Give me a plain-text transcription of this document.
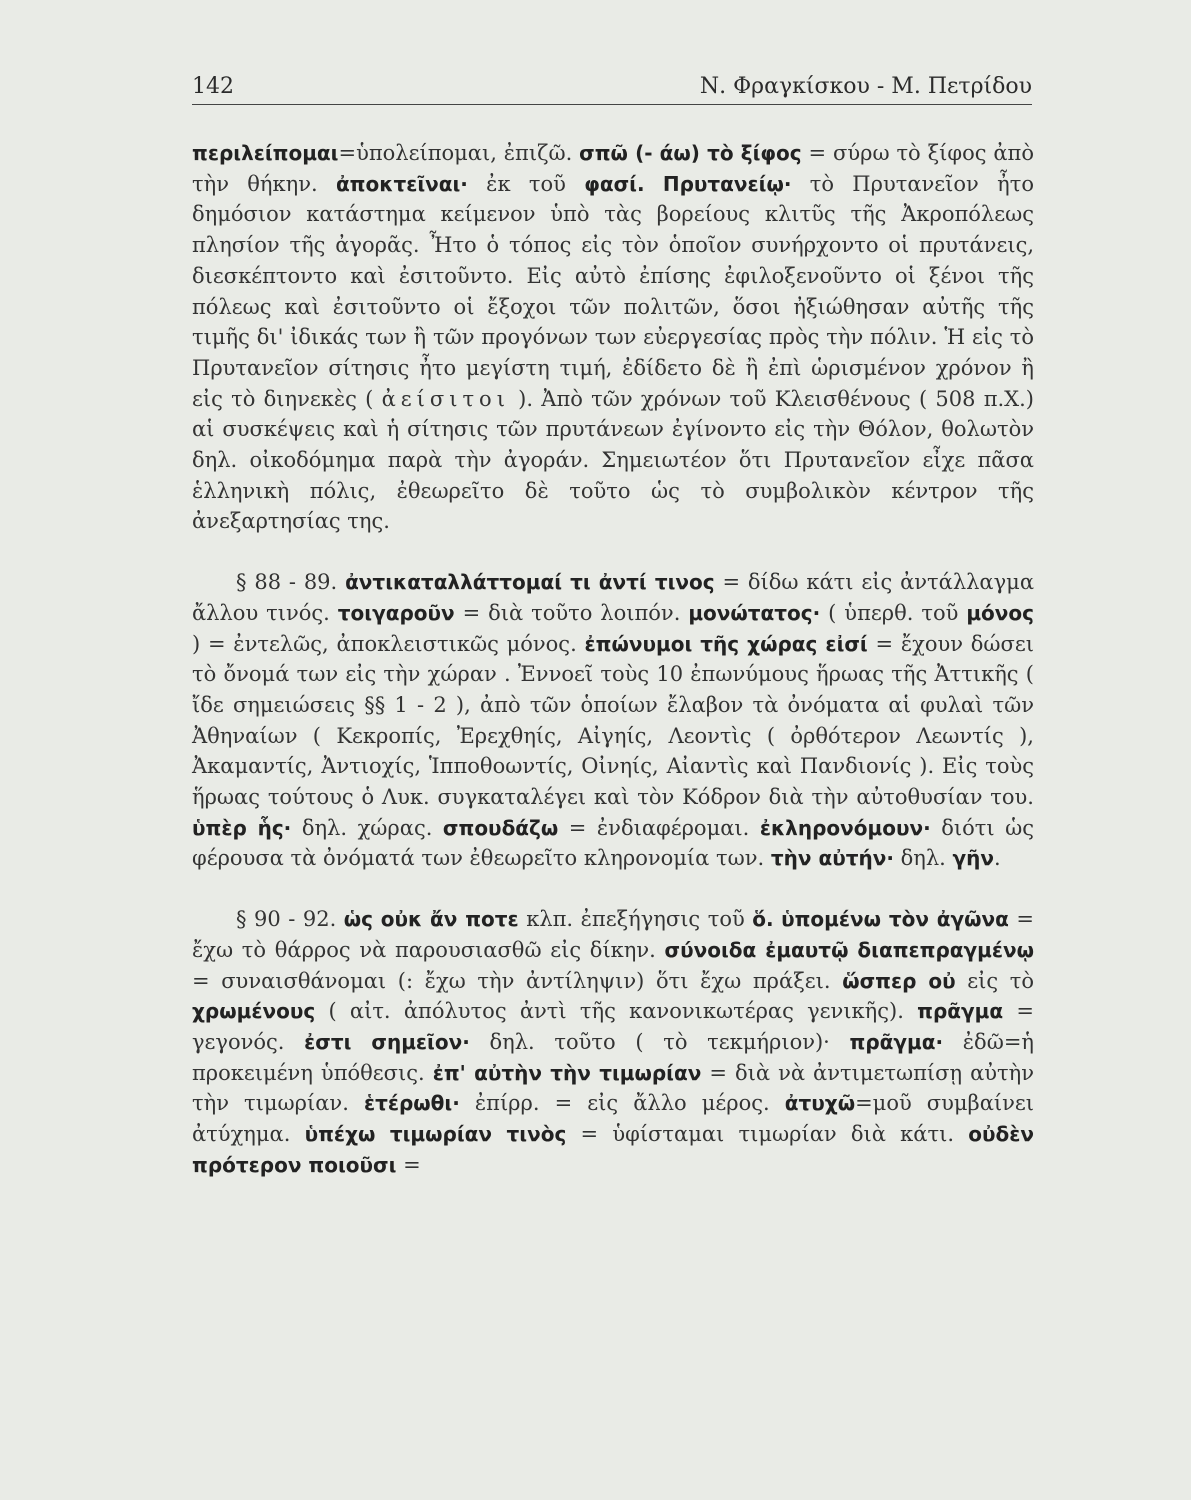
142	Ν. Φραγκίσκου - Μ. Πετρίδου

περιλείπομαι=ὑπολείπομαι, ἐπιζῶ. σπῶ (- άω) τὸ ξίφος = σύρω τὸ ξίφος ἀπὸ τὴν θήκην. ἀποκτεῖναι· ἐκ τοῦ φασί. Πρυτανείῳ· τὸ Πρυτανεῖον ἦτο δημόσιον κατάστημα κείμενον ὑπὸ τὰς βορείους κλιτῦς τῆς Ἀκροπόλεως πλησίον τῆς ἀγορᾶς. Ἦτο ὁ τόπος εἰς τὸν ὁποῖον συνήρχοντο οἱ πρυτάνεις, διεσκέπτοντο καὶ ἐσιτοῦντο. Εἰς αὐτὸ ἐπίσης ἐφιλοξενοῦντο οἱ ξένοι τῆς πόλεως καὶ ἐσιτοῦντο οἱ ἔξοχοι τῶν πολιτῶν, ὅσοι ἠξιώθησαν αὐτῆς τῆς τιμῆς δι' ἰδικάς των ἢ τῶν προγόνων των εὐεργεσίας πρὸς τὴν πόλιν. Ἡ εἰς τὸ Πρυτανεῖον σίτησις ἦτο μεγίστη τιμή, ἐδίδετο δὲ ἢ ἐπὶ ὡρισμένον χρόνον ἢ εἰς τὸ διηνεκὲς ( ἀείσιτοι ). Ἀπὸ τῶν χρόνων τοῦ Κλεισθένους ( 508 π.Χ.) αἱ συσκέψεις καὶ ἡ σίτησις τῶν πρυτάνεων ἐγίνοντο εἰς τὴν Θόλον, θολωτὸν δηλ. οἰκοδόμημα παρὰ τὴν ἀγοράν. Σημειωτέον ὅτι Πρυτανεῖον εἶχε πᾶσα ἑλληνικὴ πόλις, ἐθεωρεῖτο δὲ τοῦτο ὡς τὸ συμβολικὸν κέντρον τῆς ἀνεξαρτησίας της.

§ 88 - 89. ἀντικαταλλάττομαί τι ἀντί τινος = δίδω κάτι εἰς ἀντάλλαγμα ἄλλου τινός. τοιγαροῦν = διὰ τοῦτο λοιπόν. μονώτατος· ( ὑπερθ. τοῦ μόνος ) = ἐντελῶς, ἀποκλειστικῶς μόνος. ἐπώνυμοι τῆς χώρας εἰσί = ἔχουν δώσει τὸ ὄνομά των εἰς τὴν χώραν . Ἐννοεῖ τοὺς 10 ἐπωνύμους ἥρωας τῆς Ἀττικῆς ( ἴδε σημειώσεις §§ 1 - 2 ), ἀπὸ τῶν ὁποίων ἔλαβον τὰ ὀνόματα αἱ φυλαὶ τῶν Ἀθηναίων ( Κεκροπίς, Ἐρεχθηίς, Αἰγηίς, Λεοντὶς ( ὀρθότερον Λεωντίς ), Ἀκαμαντίς, Ἀντιοχίς, Ἱπποθοωντίς, Οἰνηίς, Αἰαντὶς καὶ Πανδιονίς ). Εἰς τοὺς ἥρωας τούτους ὁ Λυκ. συγκαταλέγει καὶ τὸν Κόδρον διὰ τὴν αὐτοθυσίαν του. ὑπὲρ ἧς· δηλ. χώρας. σπουδάζω = ἐνδιαφέρομαι. ἐκληρονόμουν· διότι ὡς φέρουσα τὰ ὀνόματά των ἐθεωρεῖτο κληρονομία των. τὴν αὐτήν· δηλ. γῆν.

§ 90 - 92. ὡς οὐκ ἄν ποτε κλπ. ἐπεξήγησις τοῦ ὅ. ὑπομένω τὸν ἀγῶνα = ἔχω τὸ θάρρος νὰ παρουσιασθῶ εἰς δίκην. σύνοιδα ἐμαυτῷ διαπεπραγμένῳ = συναισθάνομαι (: ἔχω τὴν ἀντίληψιν) ὅτι ἔχω πράξει. ὥσπερ οὐ εἰς τὸ χρωμένους ( αἰτ. ἀπόλυτος ἀντὶ τῆς κανονικωτέρας γενικῆς). πρᾶγμα = γεγονός. ἐστι σημεῖον· δηλ. τοῦτο ( τὸ τεκμήριον)· πρᾶγμα· ἐδῶ=ἡ προκειμένη ὑπόθεσις. ἐπ' αὐτὴν τὴν τιμωρίαν = διὰ νὰ ἀντιμετωπίσῃ αὐτὴν τὴν τιμωρίαν. ἑτέρωθι· ἐπίρρ. = εἰς ἄλλο μέρος. ἀτυχῶ=μοῦ συμβαίνει ἀτύχημα. ὑπέχω τιμωρίαν τινὸς = ὑφίσταμαι τιμωρίαν διὰ κάτι. οὐδὲν πρότερον ποιοῦσι =
